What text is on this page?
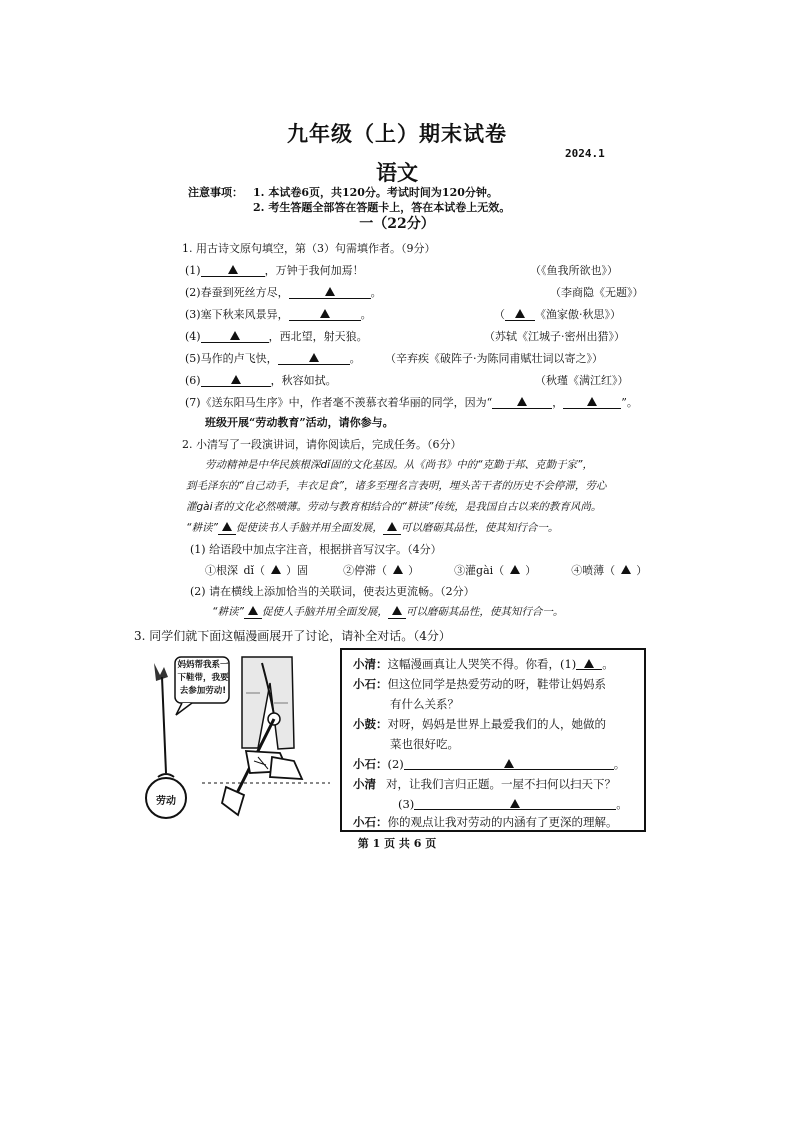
九年级（上）期末试卷
2024.1
语文
注意事项： 1. 本试卷6页，共120分。考试时间为120分钟。
2. 考生答题全部答在答题卡上，答在本试卷上无效。
一（22分）
1. 用古诗文原句填空，第（3）句需填作者。（9分）
(1)	，万钟于我何加焉！	（《鱼我所欲也》）
(2)春蚕到死丝方尽，	。	（李商隐《无题》）
(3)塞下秋来风景异，	。	（	《渔家傲·秋思》）
(4)	，西北望，射天狼。	（苏轼《江城子·密州出猎》）
(5)马作的卢飞快，	。 （辛弃疾《破阵子·为陈同甫赋壮词以寄之》）
(6)	，秋容如拭。	（秋瑾《满江红》）
(7)《送东阳马生序》中，作者毫不羡慕衣着华丽的同学，因为“	，	”。
班级开展“劳动教育”活动，请你参与。
2. 小清写了一段演讲词，请你阅读后，完成任务。（6分）
劳动精神是中华民族根深dǐ固的文化基因。从《尚书》中的“克勤于邦、克勤于家”，
到毛泽东的“自己动手，丰衣足食”，诸多至理名言表明，埋头苦干者的历史不会停滞，劳心
灌gài者的文化必然喷薄。劳动与教育相结合的“耕读”传统，是我国自古以来的教育风尚。
“耕读” 促使读书人手脑并用全面发展， 可以磨砺其品性，使其知行合一。
(1) 给语段中加点字注音，根据拼音写汉字。（4分）
①根深 dǐ（ ）固	②停滞（ ）	③灌gài（ ）	④喷薄（ ）
(2) 请在横线上添加恰当的关联词，使表达更流畅。（2分）
“耕读” 促使人手脑并用全面发展， 可以磨砺其品性，使其知行合一。
3. 同学们就下面这幅漫画展开了讨论，请补全对话。（4分）
妈妈帮我系一
下鞋带，我要
去参加劳动!
劳动
小清：这幅漫画真让人哭笑不得。你看，(1) 。
小石：但这位同学是热爱劳动的呀，鞋带让妈妈系
有什么关系？
小鼓：对呀，妈妈是世界上最爱我们的人，她做的
菜也很好吃。
小石：(2)	。
小清 对，让我们言归正题。一屋不扫何以扫天下？
(3)	。
小石：你的观点让我对劳动的内涵有了更深的理解。
第 1 页 共 6 页
